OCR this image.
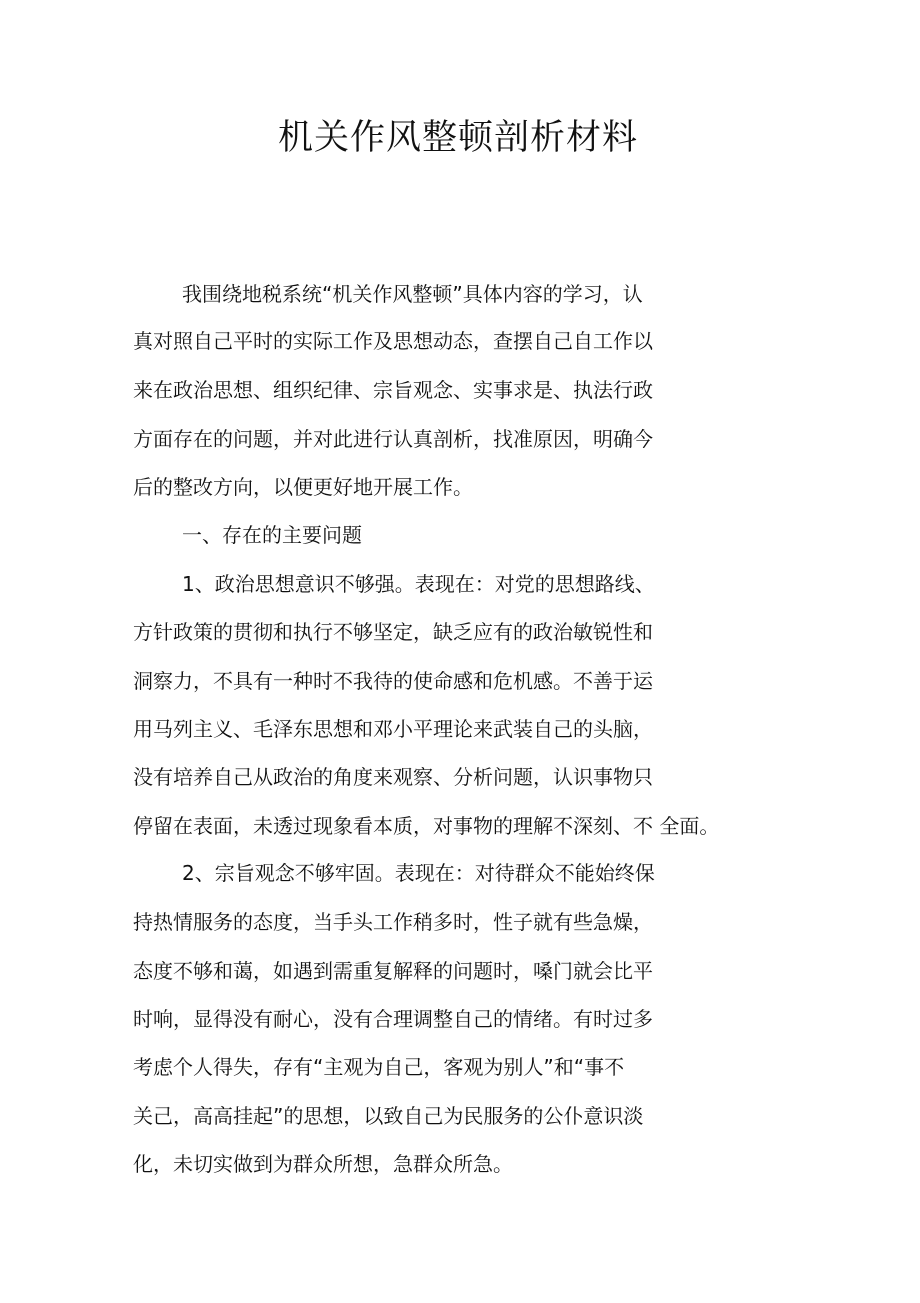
机关作风整顿剖析材料

我围绕地税系统“机关作风整顿”具体内容的学习，认

真对照自己平时的实际工作及思想动态，查摆自己自工作以

来在政治思想、组织纪律、宗旨观念、实事求是、执法行政

方面存在的问题，并对此进行认真剖析，找准原因，明确今

后的整改方向，以便更好地开展工作。

一、存在的主要问题

1、政治思想意识不够强。表现在：对党的思想路线、

方针政策的贯彻和执行不够坚定，缺乏应有的政治敏锐性和

洞察力，不具有一种时不我待的使命感和危机感。不善于运

用马列主义、毛泽东思想和邓小平理论来武装自己的头脑，

没有培养自己从政治的角度来观察、分析问题，认识事物只

停留在表面，未透过现象看本质，对事物的理解不深刻、不 全面。

2、宗旨观念不够牢固。表现在：对待群众不能始终保

持热情服务的态度，当手头工作稍多时，性子就有些急燥，

态度不够和蔼，如遇到需重复解释的问题时，嗓门就会比平

时响，显得没有耐心，没有合理调整自己的情绪。有时过多

考虑个人得失，存有“主观为自己，客观为别人”和“事不

关己，高高挂起”的思想，以致自己为民服务的公仆意识淡

化，未切实做到为群众所想，急群众所急。
